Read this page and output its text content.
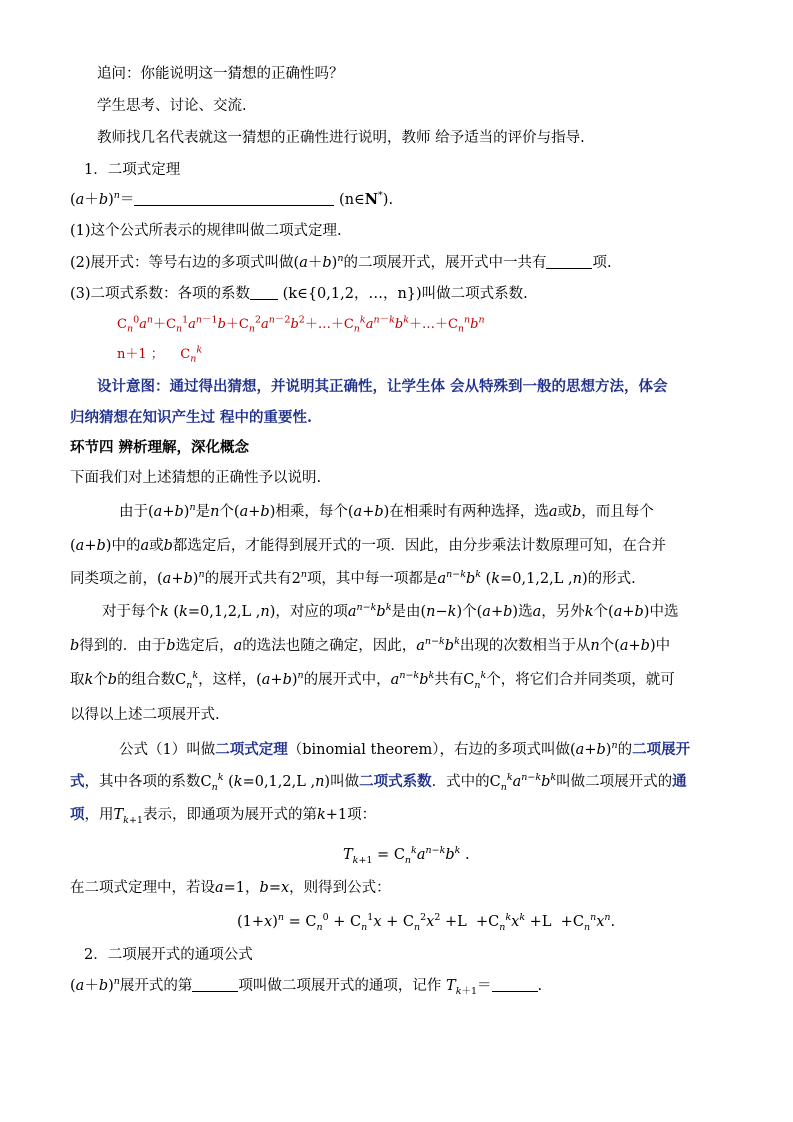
追问：你能说明这一猜想的正确性吗？
学生思考、讨论、交流.
教师找几名代表就这一猜想的正确性进行说明，教师 给予适当的评价与指导.
1．二项式定理
$(a+b)^n=$	(n∈N*).
(1)这个公式所表示的规律叫做二项式定理.
(2)展开式：等号右边的多项式叫做$(a+b)^n$的二项展开式，展开式中一共有	项.
(3)二项式系数：各项的系数 (k∈{0,1,2，…，n})叫做二项式系数.
$C_n^0a^n+C_n^1a^{n-1}b+C_n^2a^{n-2}b^2+\dots+C_n^ka^{n-k}b^k+\dots+C_n^nb^n$
n＋1 ；    $C_n^k$
设计意图：通过得出猜想，并说明其正确性，让学生体 会从特殊到一般的思想方法，体会
归纳猜想在知识产生过 程中的重要性.
环节四 辨析理解，深化概念
下面我们对上述猜想的正确性予以说明.
由于$(a+b)^n$是n个(a+b)相乘，每个(a+b)在相乘时有两种选择，选a或b，而且每个
(a+b)中的a或b都选定后，才能得到展开式的一项．因此，由分步乘法计数原理可知，在合并
同类项之前，$(a+b)^n$的展开式共有2$^n$项，其中每一项都是$a^{n-k}b^k$ (k=0,1,2,L ,n)的形式.
对于每个k (k=0,1,2,L ,n)，对应的项$a^{n-k}b^k$是由(n−k)个(a+b)选a，另外k个(a+b)中选
b得到的．由于b选定后，a的选法也随之确定，因此，$a^{n-k}b^k$出现的次数相当于从n个(a+b)中
取k个b的组合数$C_n^k$，这样，$(a+b)^n$的展开式中，$a^{n-k}b^k$共有$C_n^k$个，将它们合并同类项，就可
以得以上述二项展开式.
公式（1）叫做二项式定理（binomial theorem），右边的多项式叫做$(a+b)^n$的二项展开
式，其中各项的系数$C_n^k$ (k=0,1,2,L ,n)叫做二项式系数．式中的$C_n^ka^{n-k}b^k$叫做二项展开式的通
项，用$T_{k+1}$表示，即通项为展开式的第k+1项：
$T_{k+1} = C_n^ka^{n-k}b^k$ .
在二项式定理中，若设a=1，b=x，则得到公式：
$(1+x)^n = C_n^0 + C_n^1x + C_n^2x^2 +L +C_n^kx^k +L +C_n^nx^n$.
2．二项展开式的通项公式
$(a+b)^n$展开式的第	项叫做二项展开式的通项，记作 $T_{k+1}=$	.
